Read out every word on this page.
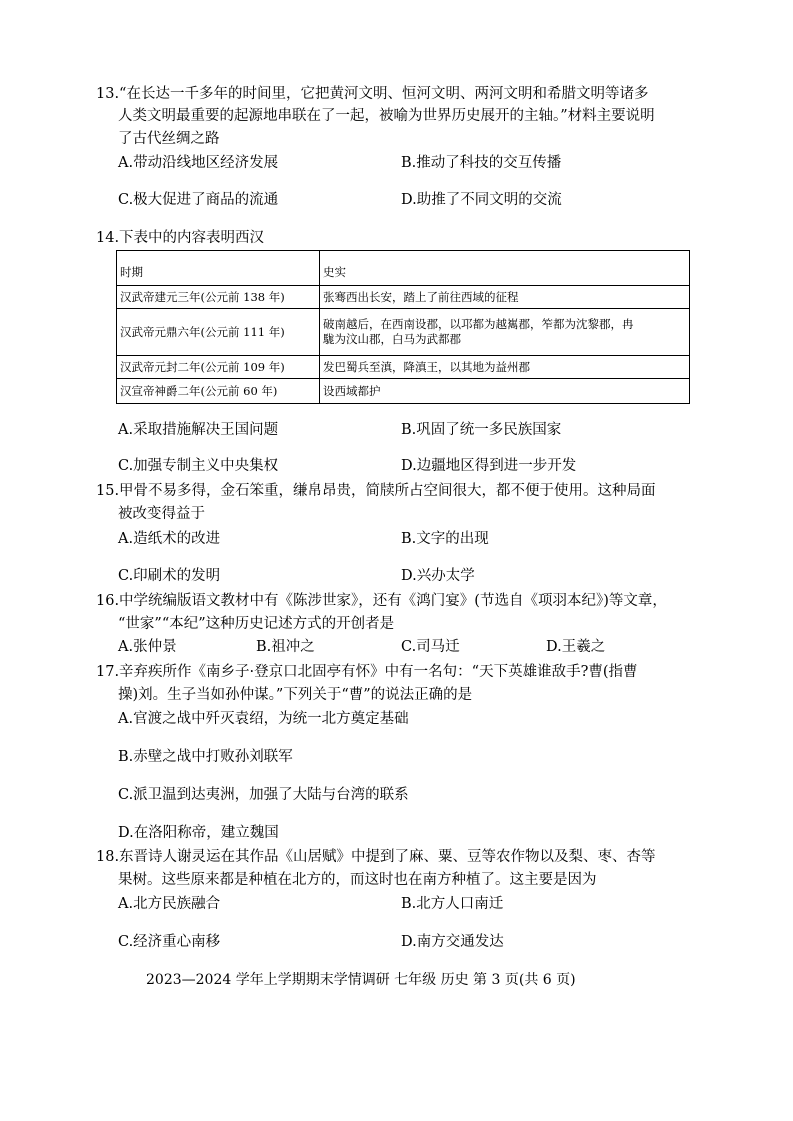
13.“在长达一千多年的时间里，它把黄河文明、恒河文明、两河文明和希腊文明等诸多
人类文明最重要的起源地串联在了一起，被喻为世界历史展开的主轴。”材料主要说明
了古代丝绸之路
A.带动沿线地区经济发展	B.推动了科技的交互传播
C.极大促进了商品的流通	D.助推了不同文明的交流
14.下表中的内容表明西汉
时期	史实

汉武帝建元三年(公元前 138 年)	张骞西出长安，踏上了前往西域的征程
汉武帝元鼎六年(公元前 111 年)	破南越后，在西南设郡，以邛都为越嶲郡，笮都为沈黎郡，冉
駹为汶山郡，白马为武都郡

汉武帝元封二年(公元前 109 年)	发巴蜀兵至滇，降滇王，以其地为益州郡
汉宣帝神爵二年(公元前 60 年)	设西域都护
A.采取措施解决王国问题	B.巩固了统一多民族国家
C.加强专制主义中央集权	D.边疆地区得到进一步开发
15.甲骨不易多得，金石笨重，缣帛昂贵，简牍所占空间很大，都不便于使用。这种局面
被改变得益于
A.造纸术的改进	B.文字的出现
C.印刷术的发明	D.兴办太学
16.中学统编版语文教材中有《陈涉世家》，还有《鸿门宴》(节选自《项羽本纪》)等文章，
“世家”“本纪”这种历史记述方式的开创者是
A.张仲景	B.祖冲之	C.司马迁	D.王羲之
17.辛弃疾所作《南乡子·登京口北固亭有怀》中有一名句：“天下英雄谁敌手?曹(指曹
操)刘。生子当如孙仲谋。”下列关于“曹”的说法正确的是
A.官渡之战中歼灭袁绍，为统一北方奠定基础
B.赤壁之战中打败孙刘联军
C.派卫温到达夷洲，加强了大陆与台湾的联系
D.在洛阳称帝，建立魏国
18.东晋诗人谢灵运在其作品《山居赋》中提到了麻、粟、豆等农作物以及梨、枣、杏等
果树。这些原来都是种植在北方的，而这时也在南方种植了。这主要是因为
A.北方民族融合	B.北方人口南迁
C.经济重心南移	D.南方交通发达
2023—2024 学年上学期期末学情调研 七年级 历史 第 3 页(共 6 页)
